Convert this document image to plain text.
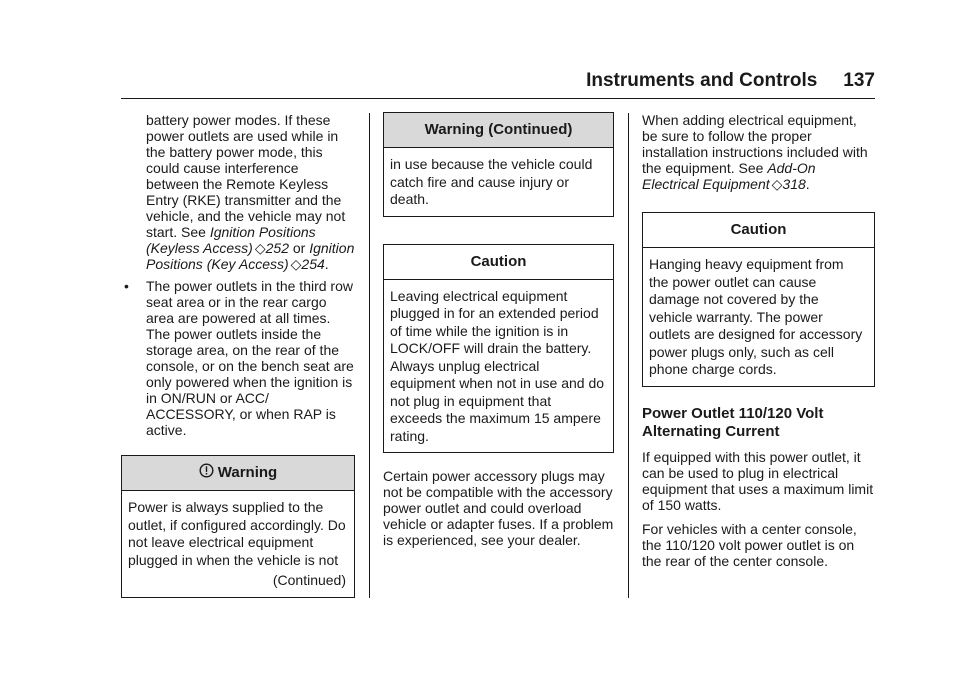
Instruments and Controls 137

battery power modes. If these power outlets are used while in the battery power mode, this could cause interference between the Remote Keyless Entry (RKE) transmitter and the vehicle, and the vehicle may not start. See Ignition Positions (Keyless Access) ◇252 or Ignition Positions (Key Access) ◇254.

• The power outlets in the third row seat area or in the rear cargo area are powered at all times. The power outlets inside the storage area, on the rear of the console, or on the bench seat are only powered when the ignition is in ON/RUN or ACC/ ACCESSORY, or when RAP is active.
Warning
Power is always supplied to the outlet, if configured accordingly. Do not leave electrical equipment plugged in when the vehicle is not
(Continued)
Warning (Continued)
in use because the vehicle could catch fire and cause injury or death.
Caution
Leaving electrical equipment plugged in for an extended period of time while the ignition is in LOCK/OFF will drain the battery. Always unplug electrical equipment when not in use and do not plug in equipment that exceeds the maximum 15 ampere rating.

Certain power accessory plugs may not be compatible with the accessory power outlet and could overload vehicle or adapter fuses. If a problem is experienced, see your dealer.

When adding electrical equipment, be sure to follow the proper installation instructions included with the equipment. See Add-On Electrical Equipment ◇318.

Caution
Hanging heavy equipment from the power outlet can cause damage not covered by the vehicle warranty. The power outlets are designed for accessory power plugs only, such as cell phone charge cords.
Power Outlet 110/120 Volt Alternating Current

If equipped with this power outlet, it can be used to plug in electrical equipment that uses a maximum limit of 150 watts.

For vehicles with a center console, the 110/120 volt power outlet is on the rear of the center console.
